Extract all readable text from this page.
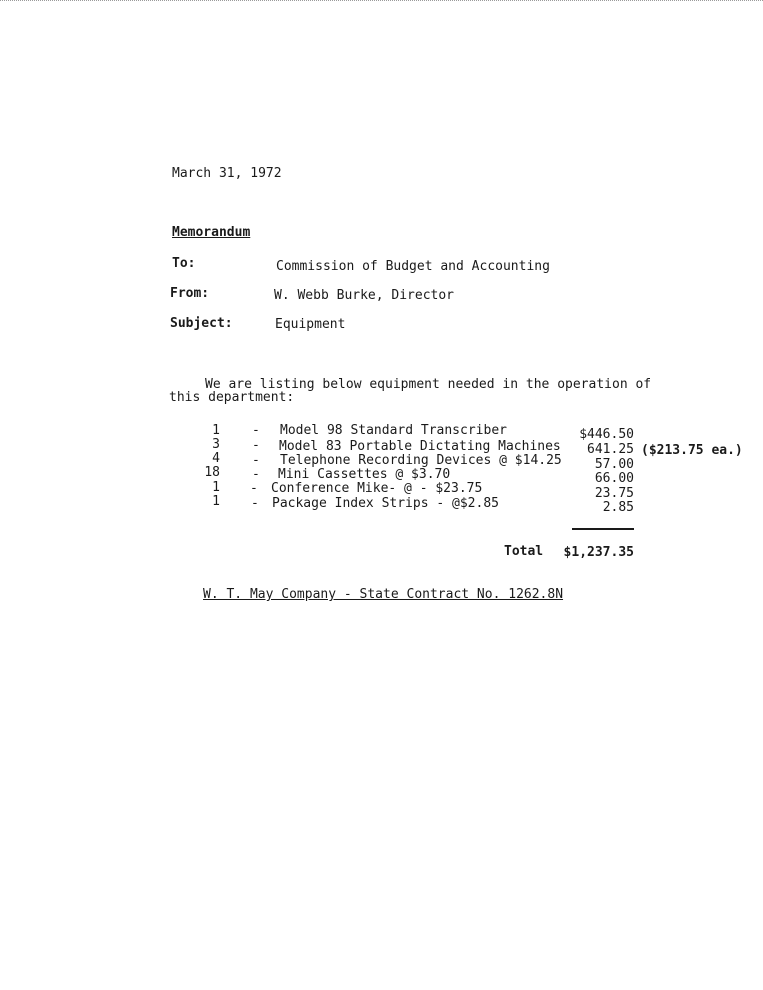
March 31, 1972
Memorandum
To:	Commission of Budget and Accounting
From:	W. Webb Burke, Director
Subject:	Equipment
We are listing below equipment needed in the operation of
this department:
1 - Model 98 Standard Transcriber	$446.50
3 - Model 83 Portable Dictating Machines	641.25 ($213.75 ea.)
4 - Telephone Recording Devices @ $14.25	57.00
18 - Mini Cassettes @ $3.70	66.00
1 - Conference Mike- @ - $23.75	23.75
1 - Package Index Strips - @$2.85	2.85
Total	$1,237.35
W. T. May Company - State Contract No. 1262.8N
